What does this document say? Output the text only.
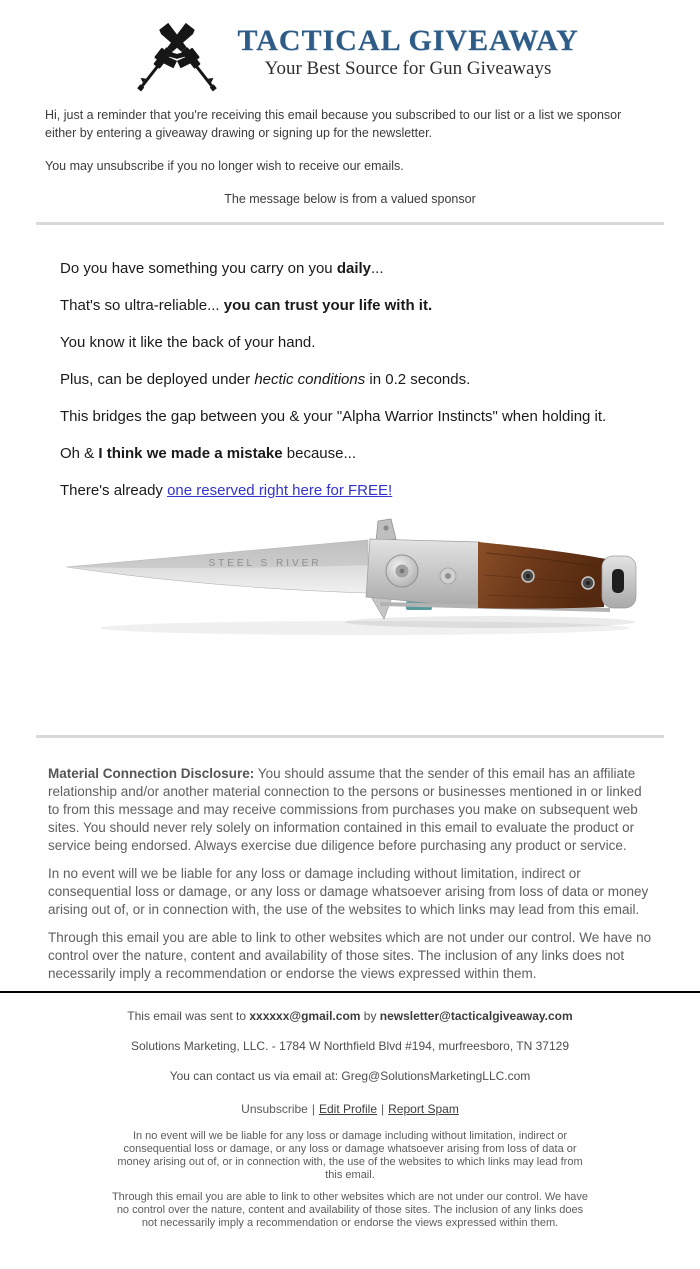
TACTICAL GIVEAWAY
Your Best Source for Gun Giveaways

Hi, just a reminder that you're receiving this email because you subscribed to our list or a list we sponsor either by entering a giveaway drawing or signing up for the newsletter.

You may unsubscribe if you no longer wish to receive our emails.

The message below is from a valued sponsor

Do you have something you carry on you daily...

That's so ultra-reliable... you can trust your life with it.

You know it like the back of your hand.

Plus, can be deployed under hectic conditions in 0.2 seconds.

This bridges the gap between you & your "Alpha Warrior Instincts" when holding it.

Oh & I think we made a mistake because...

There's already one reserved right here for FREE!

STEEL S RIVER

Material Connection Disclosure: You should assume that the sender of this email has an affiliate relationship and/or another material connection to the persons or businesses mentioned in or linked to from this message and may receive commissions from purchases you make on subsequent web sites. You should never rely solely on information contained in this email to evaluate the product or service being endorsed. Always exercise due diligence before purchasing any product or service.

In no event will we be liable for any loss or damage including without limitation, indirect or consequential loss or damage, or any loss or damage whatsoever arising from loss of data or money arising out of, or in connection with, the use of the websites to which links may lead from this email.

Through this email you are able to link to other websites which are not under our control. We have no control over the nature, content and availability of those sites. The inclusion of any links does not necessarily imply a recommendation or endorse the views expressed within them.

This email was sent to xxxxxx@gmail.com by newsletter@tacticalgiveaway.com

Solutions Marketing, LLC. - 1784 W Northfield Blvd #194, murfreesboro, TN 37129

You can contact us via email at: Greg@SolutionsMarketingLLC.com

Unsubscribe | Edit Profile | Report Spam

In no event will we be liable for any loss or damage including without limitation, indirect or consequential loss or damage, or any loss or damage whatsoever arising from loss of data or money arising out of, or in connection with, the use of the websites to which links may lead from this email.

Through this email you are able to link to other websites which are not under our control. We have no control over the nature, content and availability of those sites. The inclusion of any links does not necessarily imply a recommendation or endorse the views expressed within them.
